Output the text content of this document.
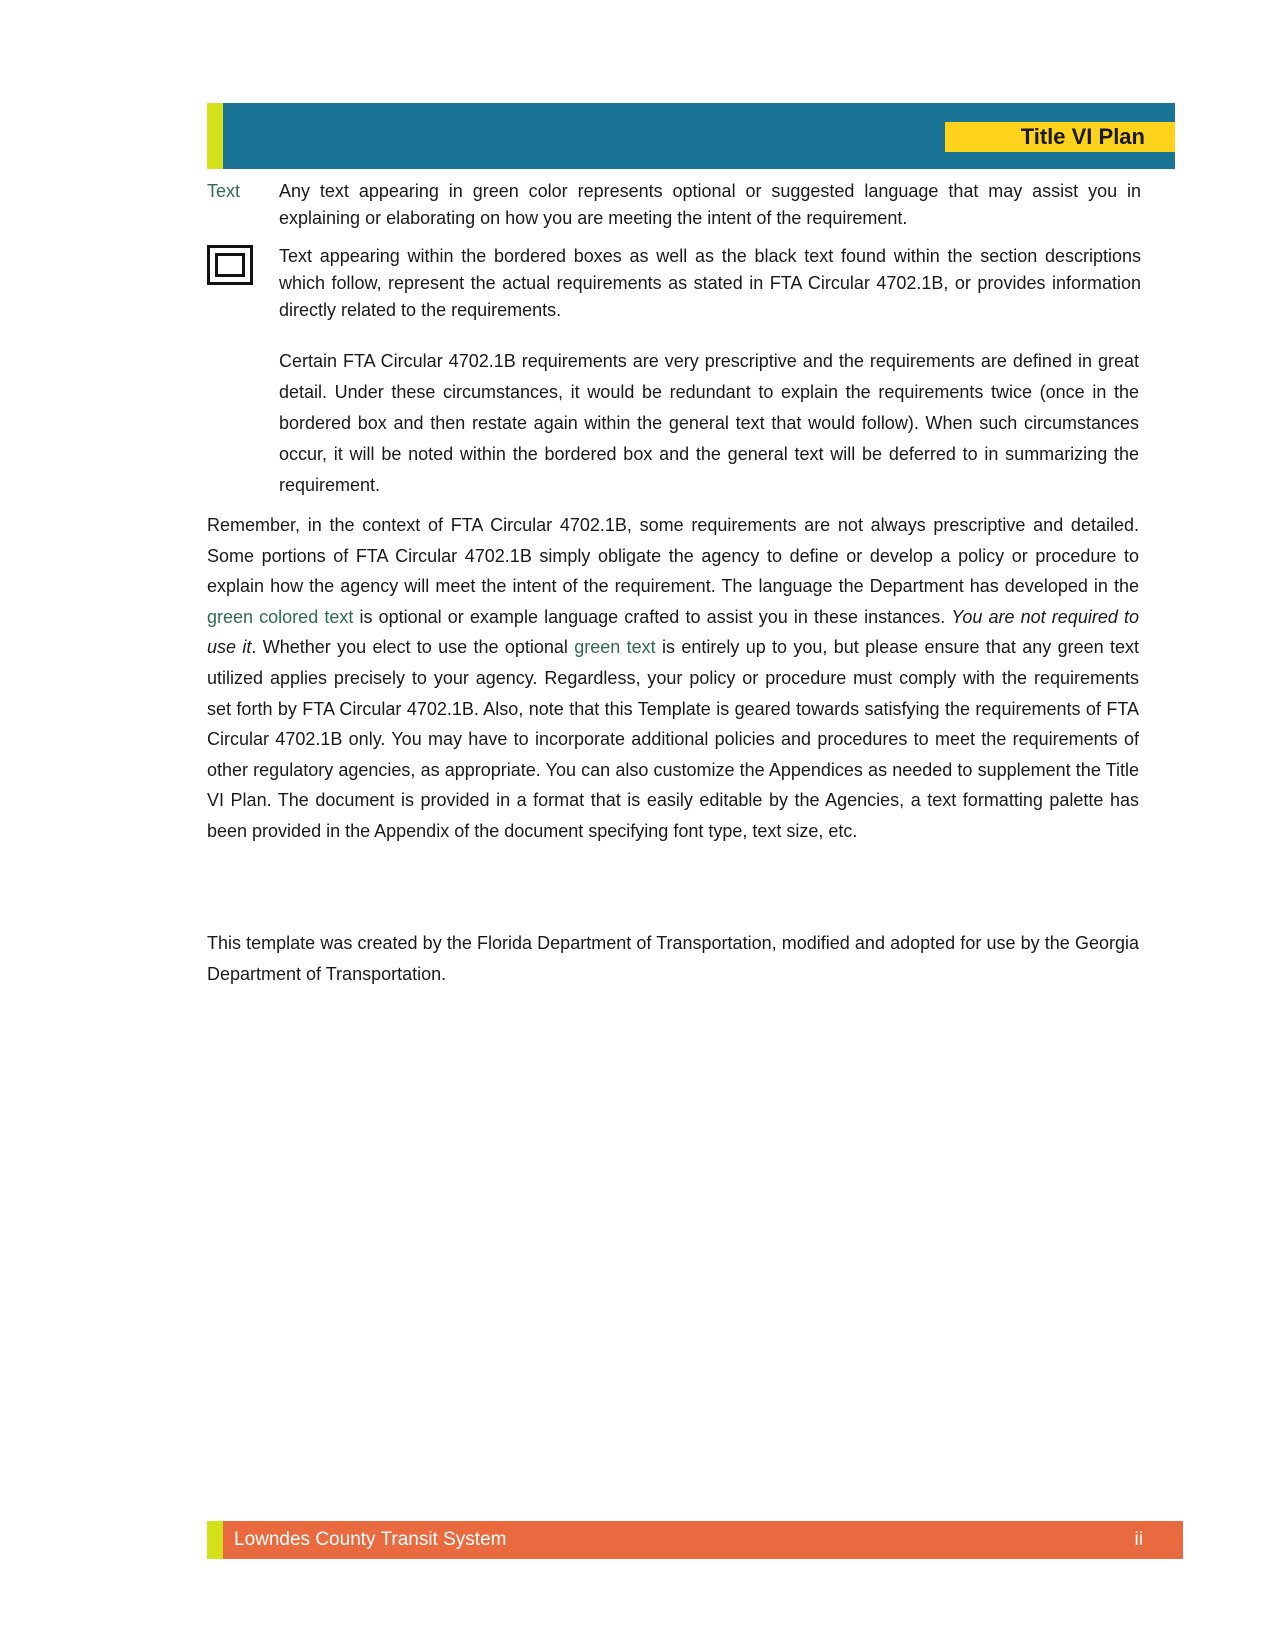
Title VI Plan
Text Any text appearing in green color represents optional or suggested language that may assist you in explaining or elaborating on how you are meeting the intent of the requirement.
Text appearing within the bordered boxes as well as the black text found within the section descriptions which follow, represent the actual requirements as stated in FTA Circular 4702.1B, or provides information directly related to the requirements.
Certain FTA Circular 4702.1B requirements are very prescriptive and the requirements are defined in great detail. Under these circumstances, it would be redundant to explain the requirements twice (once in the bordered box and then restate again within the general text that would follow). When such circumstances occur, it will be noted within the bordered box and the general text will be deferred to in summarizing the requirement.
Remember, in the context of FTA Circular 4702.1B, some requirements are not always prescriptive and detailed. Some portions of FTA Circular 4702.1B simply obligate the agency to define or develop a policy or procedure to explain how the agency will meet the intent of the requirement. The language the Department has developed in the green colored text is optional or example language crafted to assist you in these instances. You are not required to use it. Whether you elect to use the optional green text is entirely up to you, but please ensure that any green text utilized applies precisely to your agency. Regardless, your policy or procedure must comply with the requirements set forth by FTA Circular 4702.1B. Also, note that this Template is geared towards satisfying the requirements of FTA Circular 4702.1B only. You may have to incorporate additional policies and procedures to meet the requirements of other regulatory agencies, as appropriate. You can also customize the Appendices as needed to supplement the Title VI Plan. The document is provided in a format that is easily editable by the Agencies, a text formatting palette has been provided in the Appendix of the document specifying font type, text size, etc.
This template was created by the Florida Department of Transportation, modified and adopted for use by the Georgia Department of Transportation.
Lowndes County Transit System	ii
